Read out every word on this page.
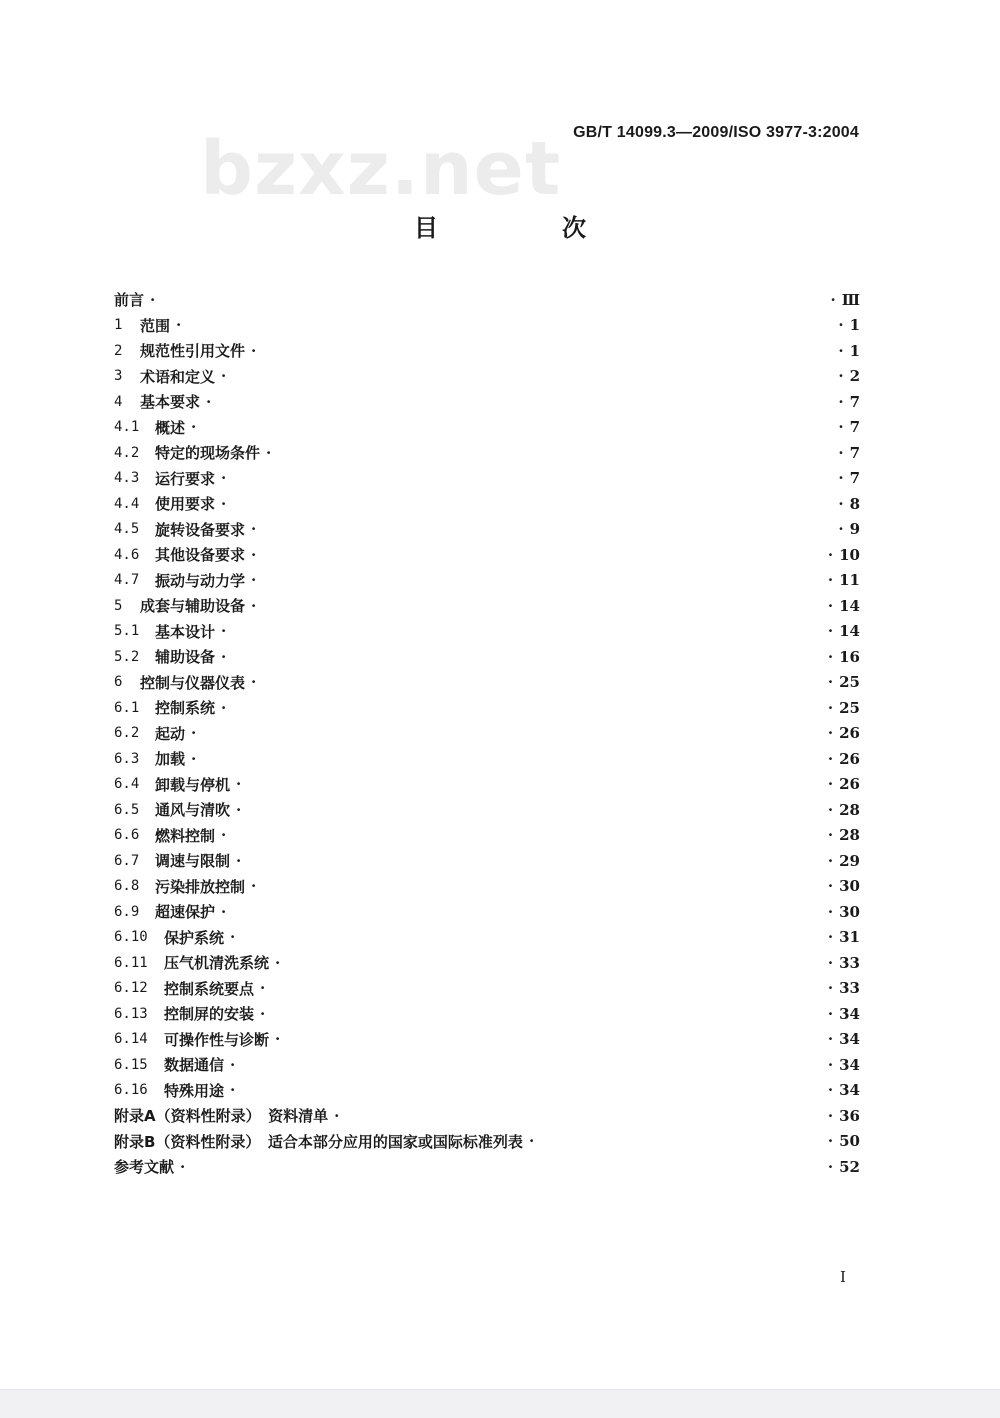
bzxz.net GB/T 14099.3—2009/ISO 3977-3:2004
目　次
前言 ·	· Ⅲ
1	范围 ·	· 1
2	规范性引用文件 ·	· 1
3	术语和定义 ·	· 2
4	基本要求 ·	· 7
4.1	概述 ·	· 7
4.2	特定的现场条件 ·	· 7
4.3	运行要求 ·	· 7
4.4	使用要求 ·	· 8
4.5	旋转设备要求 ·	· 9
4.6	其他设备要求 ·	· 10
4.7	振动与动力学 ·	· 11
5	成套与辅助设备 ·	· 14
5.1	基本设计 ·	· 14
5.2	辅助设备 ·	· 16
6	控制与仪器仪表 ·	· 25
6.1	控制系统 ·	· 25
6.2	起动 ·	· 26
6.3	加载 ·	· 26
6.4	卸载与停机 ·	· 26
6.5	通风与清吹 ·	· 28
6.6	燃料控制 ·	· 28
6.7	调速与限制 ·	· 29
6.8	污染排放控制 ·	· 30
6.9	超速保护 ·	· 30
6.10	保护系统 ·	· 31
6.11	压气机清洗系统 ·	· 33
6.12	控制系统要点 ·	· 33
6.13	控制屏的安装 ·	· 34
6.14	可操作性与诊断 ·	· 34
6.15	数据通信 ·	· 34
6.16	特殊用途 ·	· 34
附录A（资料性附录）　资料清单 ·	· 36
附录B（资料性附录）　适合本部分应用的国家或国际标准列表 ·	· 50
参考文献 ·	· 52
I
